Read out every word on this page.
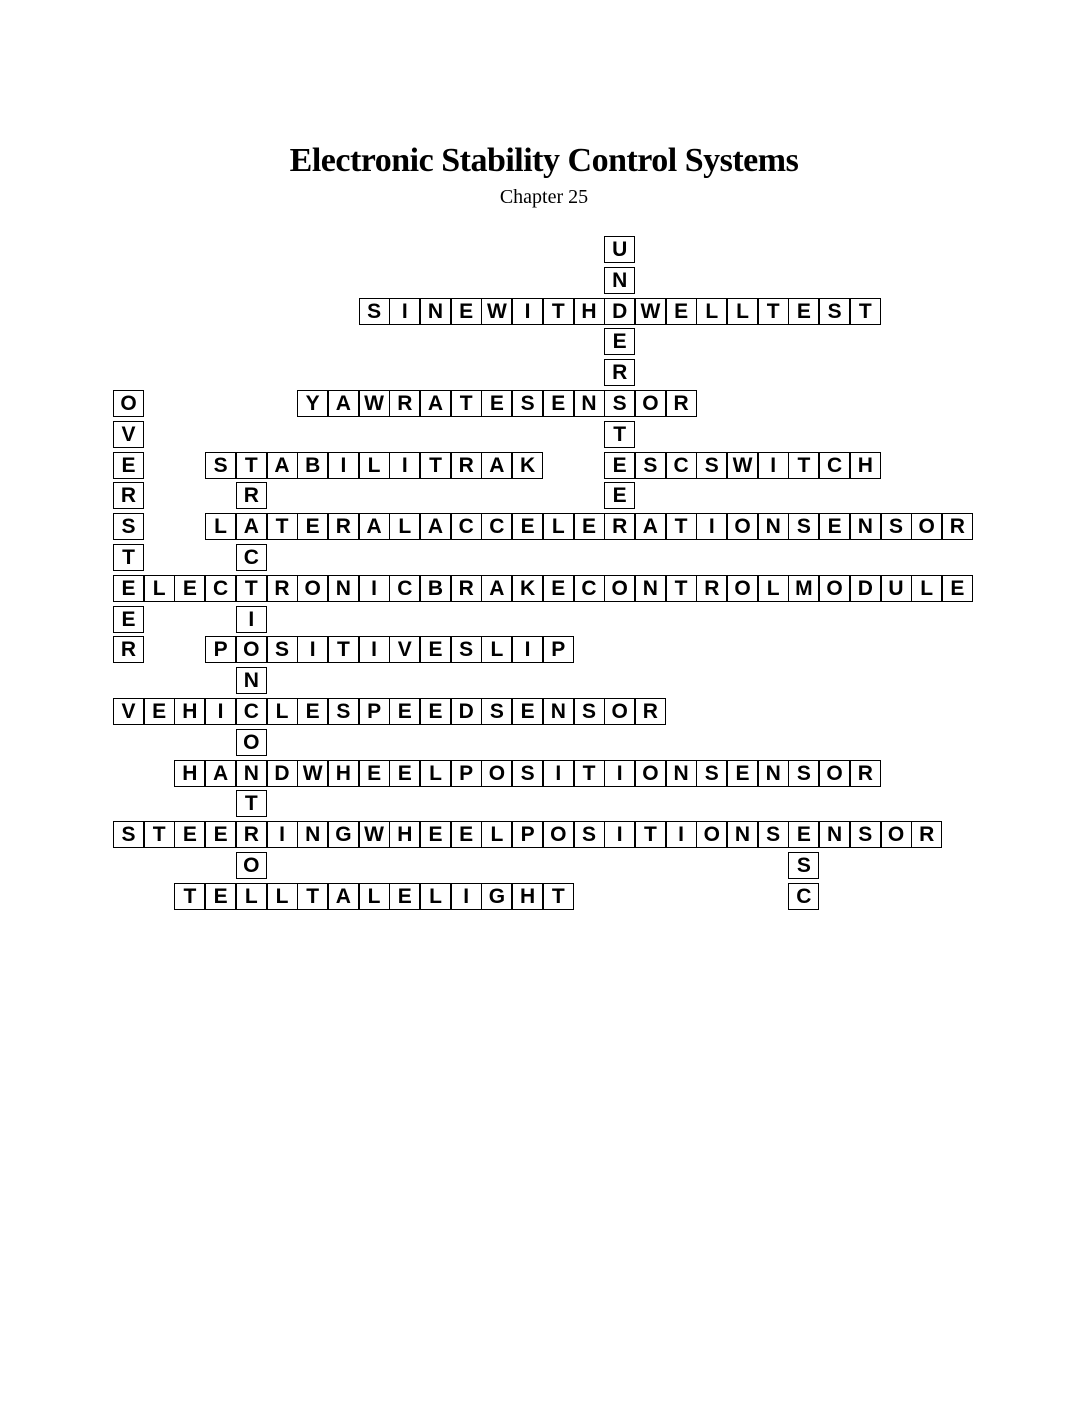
Electronic Stability Control Systems
Chapter 25
S I N E W I	T H D W E L L T E S T
Y A W R A T E S E N S O R
S T A B I	L	I	T R A K	E S C S W I	T C H
L A T E R A L A C C E L E R A T	I O N S E N S O R
E L E C T R O N I C B R A K E C O N T R O L M O D U L E
P O S I	T	I V E S L	I P
V E H I C L E S P E E D S E N S O R
H A N D W H E E L P O S I	T	I O N S E N S O R
S T E E R I N G W H E E L P O S I	T	I O N S E N S O R
T E L L T A L E L	I G H T
U
N
E
R
T
E
O
V
E
R
S
T
E
R
R
C
I
N
O
T
O	S
C
